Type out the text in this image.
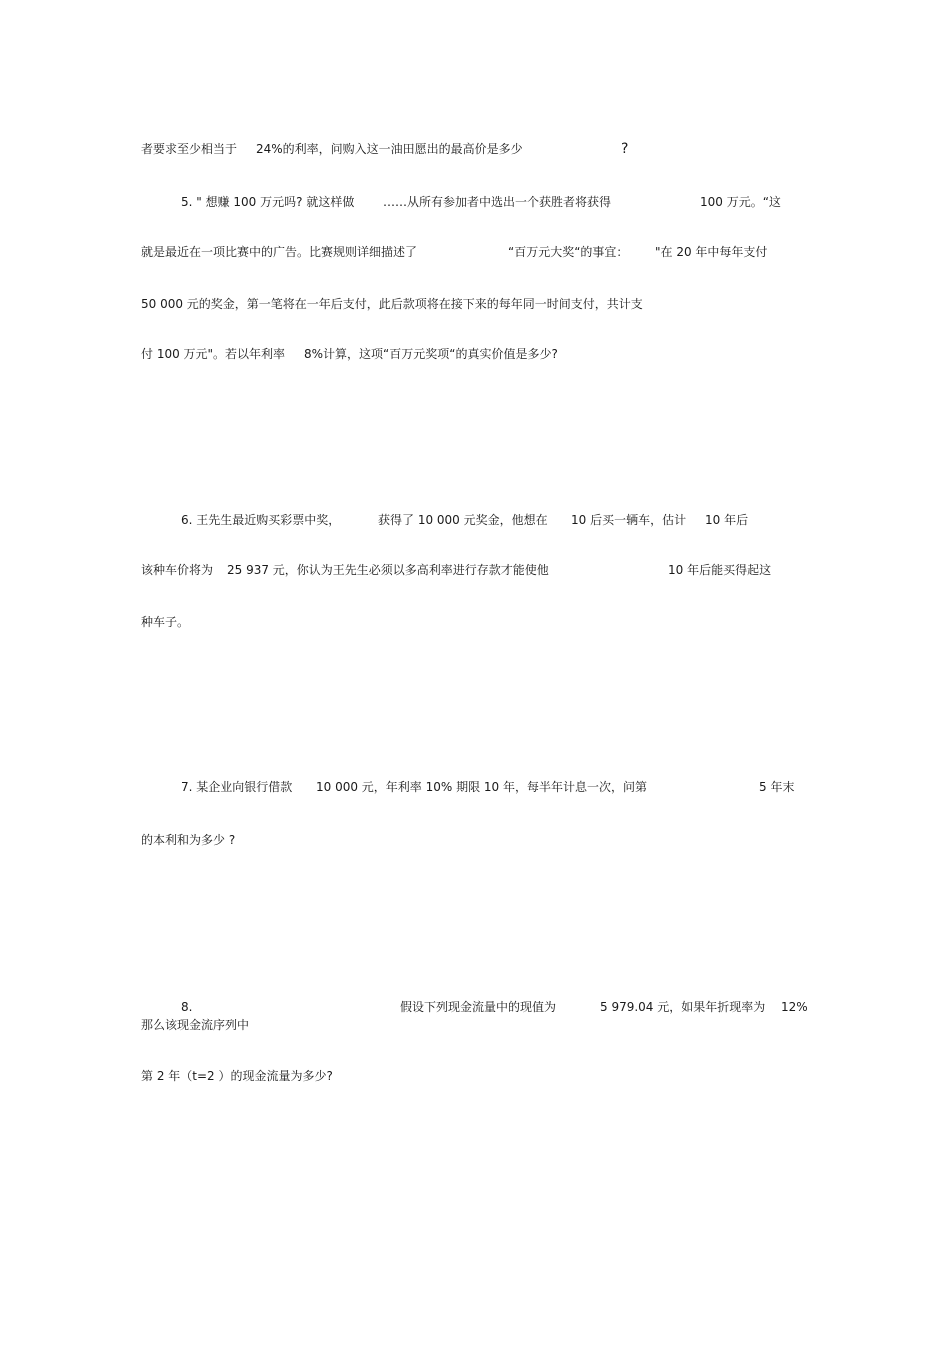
者要求至少相当于 24%的利率，问购入这一油田愿出的最高价是多少	?
5. " 想赚 100 万元吗? 就这样做 ……从所有参加者中选出一个获胜者将获得	100 万元。“这
就是最近在一项比赛中的广告。比赛规则详细描述了	“百万元大奖“的事宜： "在 20 年中每年支付
50 000 元的奖金，第一笔将在一年后支付，此后款项将在接下来的每年同一时间支付，共计支
付 100 万元"。若以年利率 8%计算，这项“百万元奖项“的真实价值是多少?
6. 王先生最近购买彩票中奖，	获得了 10 000 元奖金，他想在 10 后买一辆车，估计 10 年后
该种车价将为 25 937 元，你认为王先生必须以多高利率进行存款才能使他	10 年后能买得起这
种车子。
7. 某企业向银行借款 10 000 元，年利率 10% 期限 10 年，每半年计息一次，问第	5 年末
的本利和为多少 ?
8.	假设下列现金流量中的现值为	5 979.04 元，如果年折现率为 12%
那么该现金流序列中
第 2 年（t=2 ）的现金流量为多少?
